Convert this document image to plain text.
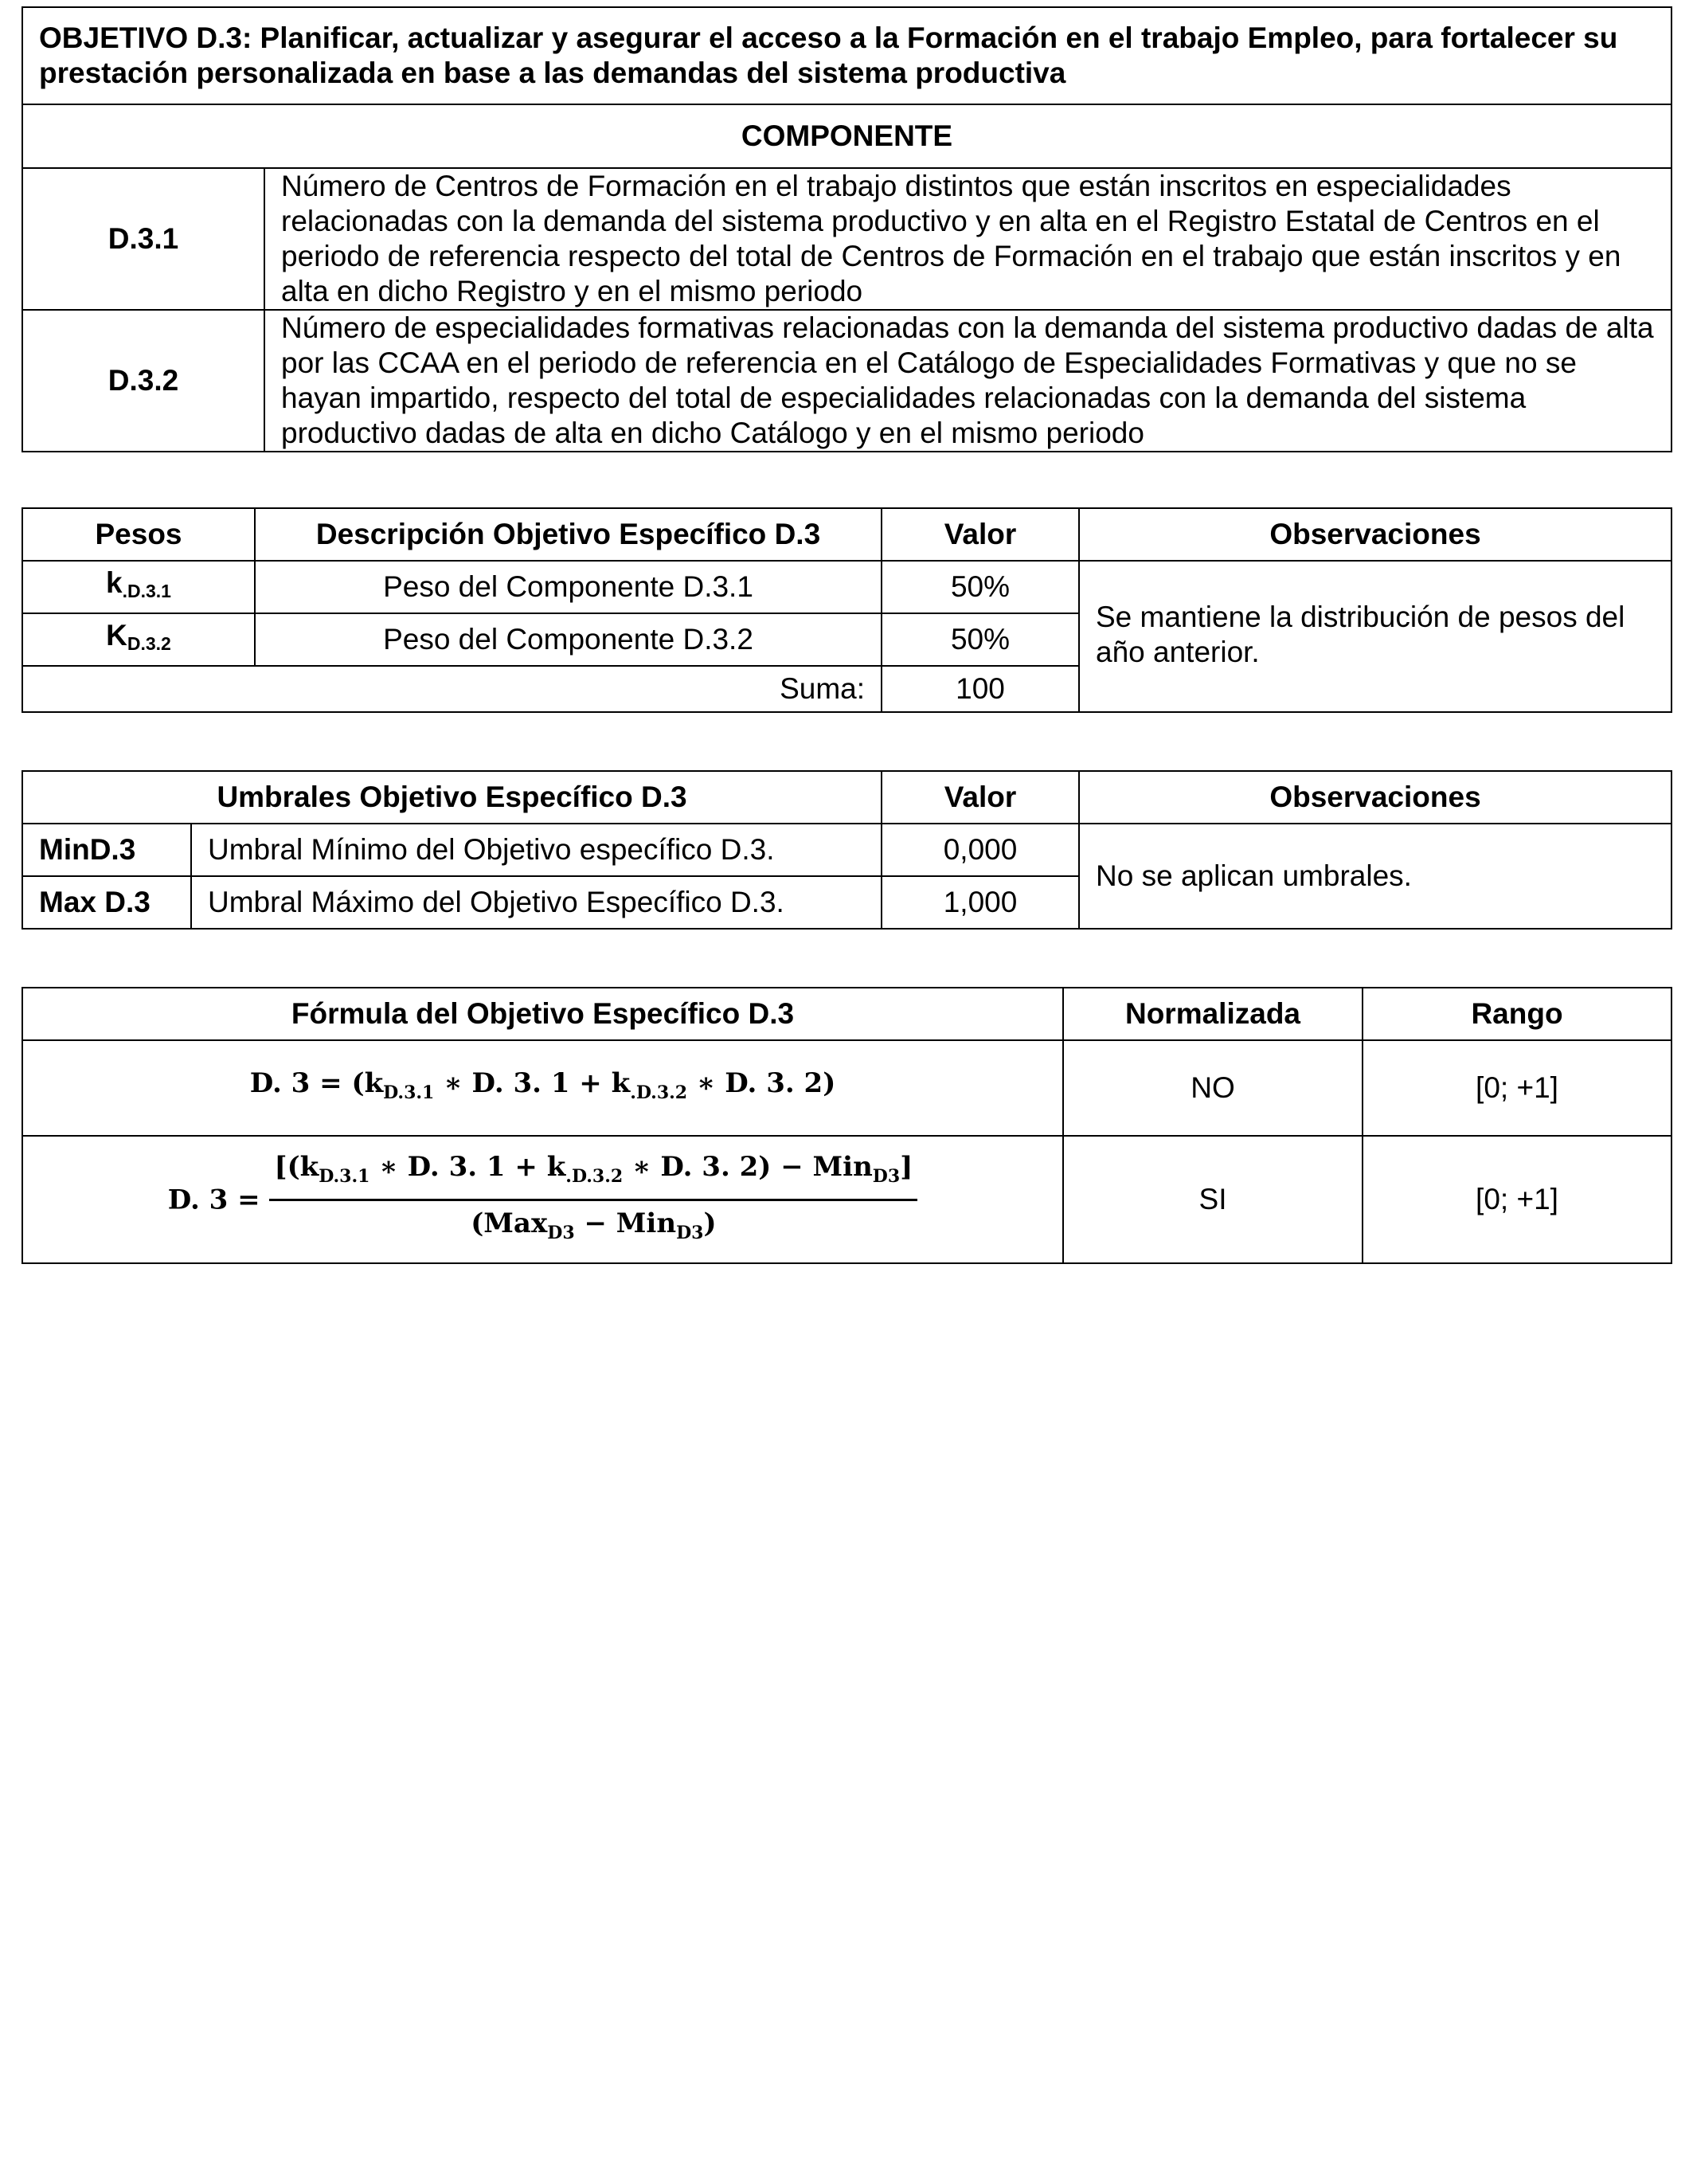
OBJETIVO D.3: Planificar, actualizar y asegurar el acceso a la Formación en el trabajo Empleo, para fortalecer su prestación personalizada en base a las demandas del sistema productiva	
COMPONENTE	
D.3.1	Número de Centros de Formación en el trabajo distintos que están inscritos en especialidades relacionadas con la demanda del sistema productivo y en alta en el Registro Estatal de Centros en el periodo de referencia respecto del total de Centros de Formación en el trabajo que están inscritos y en alta en dicho Registro y en el mismo periodo
D.3.2	Número de especialidades formativas relacionadas con la demanda del sistema productivo dadas de alta por las CCAA en el periodo de referencia en el Catálogo de Especialidades Formativas y que no se hayan impartido, respecto del total de especialidades relacionadas con la demanda del sistema productivo dadas de alta en dicho Catálogo y en el mismo periodo
Pesos	Descripción Objetivo Específico D.3	Valor	Observaciones
$k_{.D.3.1}$	Peso del Componente D.3.1	50%	Se mantiene la distribución de pesos del año anterior.
$K_{D.3.2}$	Peso del Componente D.3.2	50%	
Suma:		100	
Umbrales Objetivo Específico D.3		Valor	Observaciones
MinD.3	Umbral Mínimo del Objetivo específico D.3.	0,000	No se aplican umbrales.
Max D.3	Umbral Máximo del Objetivo Específico D.3.	1,000	
Fórmula del Objetivo Específico D.3	Normalizada	Rango
D. $3 = (k_{D.3.1}$ ∗ D. 3. $1 + k_{.D.3.2}$ ∗ D. 3. 2)	NO	[0; +1]
D. $3 = \frac{[(k_{D.3.1} ∗ D. 3. 1 + k_{.D.3.2} ∗ D. 3. 2) - Min_{D3}]}{(Max_{D3} - Min_{D3})}$	SI	[0; +1]
